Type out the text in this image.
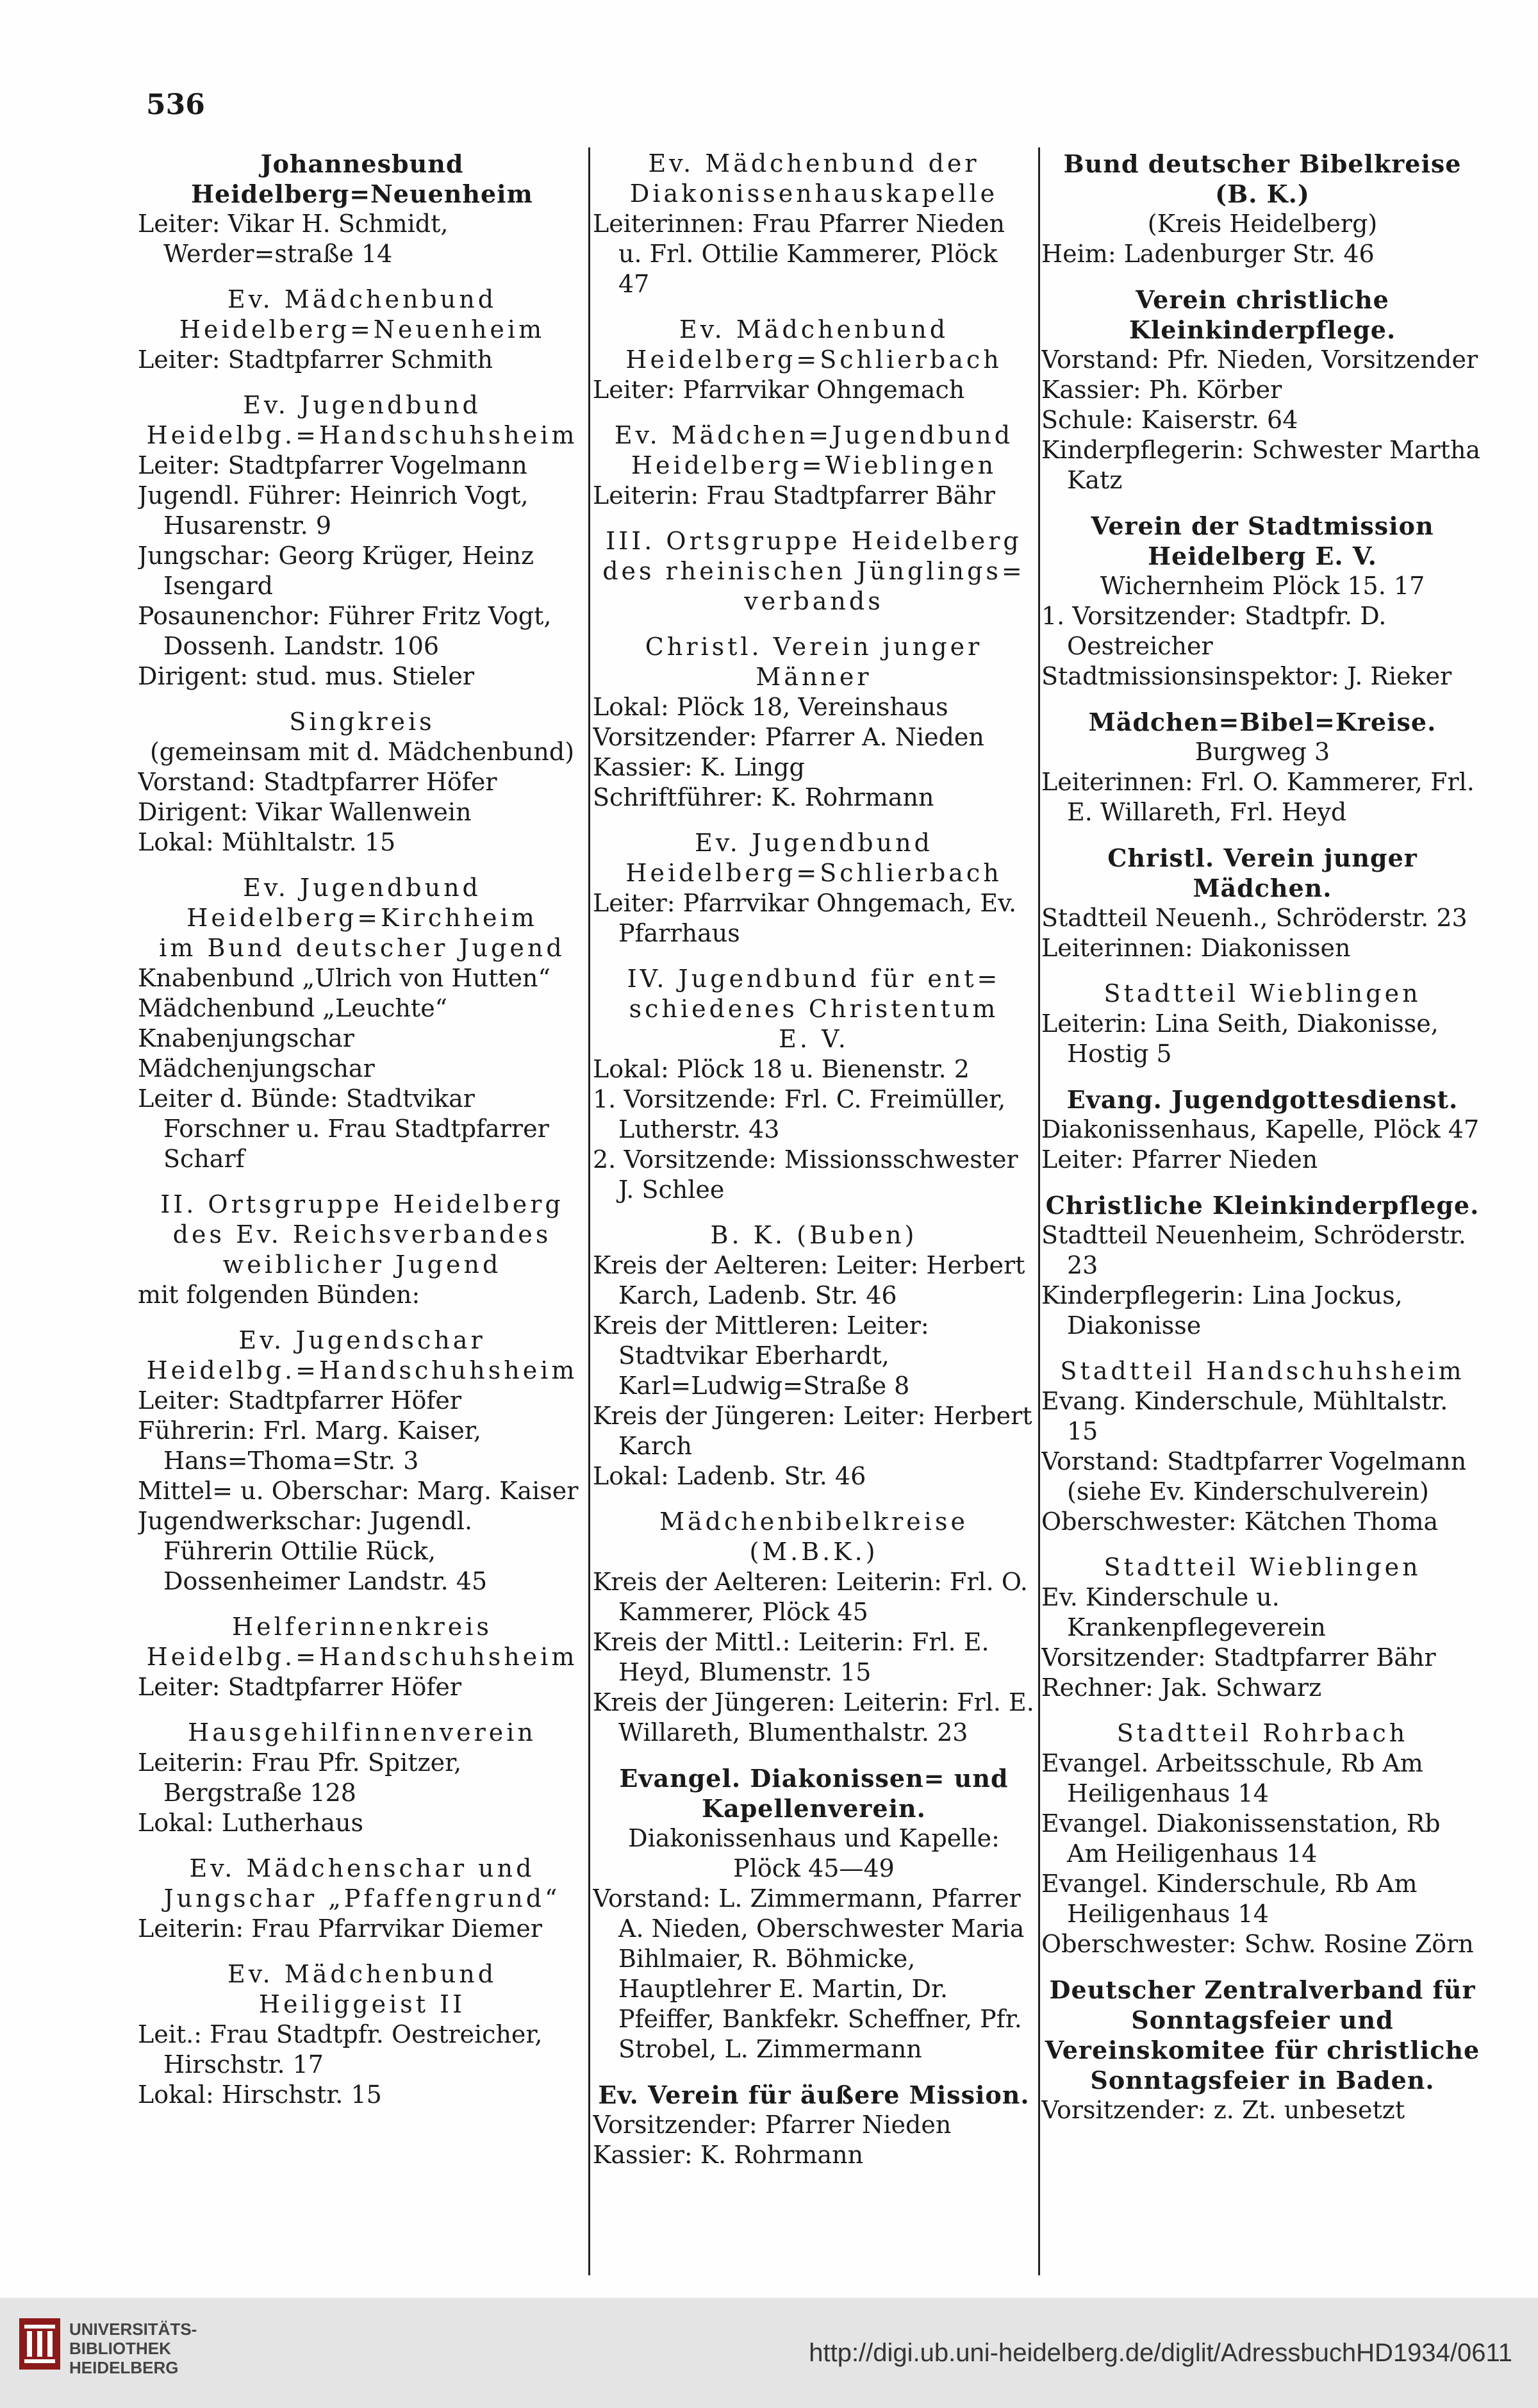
536
Johannesbund
Heidelberg=Neuenheim
Leiter: Vikar H. Schmidt, Werder=straße 14
Ev. Mädchenbund
Heidelberg=Neuenheim
Leiter: Stadtpfarrer Schmith
Ev. Jugendbund
Heidelbg.=Handschuhsheim
Leiter: Stadtpfarrer Vogelmann
Jugendl. Führer: Heinrich Vogt, Husarenstr. 9
Jungschar: Georg Krüger, Heinz Isengard
Posaunenchor: Führer Fritz Vogt, Dossenh. Landstr. 106
Dirigent: stud. mus. Stieler
Singkreis
(gemeinsam mit d. Mädchenbund)
Vorstand: Stadtpfarrer Höfer
Dirigent: Vikar Wallenwein
Lokal: Mühltalstr. 15
Ev. Jugendbund
Heidelberg=Kirchheim
im Bund deutscher Jugend
Knabenbund „Ulrich von Hutten“
Mädchenbund „Leuchte“
Knabenjungschar
Mädchenjungschar
Leiter d. Bünde: Stadtvikar Forschner u. Frau Stadtpfarrer Scharf
II. Ortsgruppe Heidelberg
des Ev. Reichsverbandes
weiblicher Jugend
mit folgenden Bünden:
Ev. Jugendschar
Heidelbg.=Handschuhsheim
Leiter: Stadtpfarrer Höfer
Führerin: Frl. Marg. Kaiser, Hans=Thoma=Str. 3
Mittel= u. Oberschar: Marg. Kaiser
Jugendwerkschar: Jugendl. Führerin Ottilie Rück, Dossenheimer Landstr. 45
Helferinnenkreis
Heidelbg.=Handschuhsheim
Leiter: Stadtpfarrer Höfer
Hausgehilfinnenverein
Leiterin: Frau Pfr. Spitzer, Bergstraße 128
Lokal: Lutherhaus
Ev. Mädchenschar und Jungschar „Pfaffengrund“
Leiterin: Frau Pfarrvikar Diemer
Ev. Mädchenbund Heiliggeist II
Leit.: Frau Stadtpfr. Oestreicher, Hirschstr. 17
Lokal: Hirschstr. 15
Ev. Mädchenbund der
Diakonissenhauskapelle
Leiterinnen: Frau Pfarrer Nieden u. Frl. Ottilie Kammerer, Plöck 47
Ev. Mädchenbund
Heidelberg=Schlierbach
Leiter: Pfarrvikar Ohngemach
Ev. Mädchen=Jugendbund
Heidelberg=Wieblingen
Leiterin: Frau Stadtpfarrer Bähr
III. Ortsgruppe Heidelberg
des rheinischen Jünglings=
verbands
Christl. Verein junger
Männer
Lokal: Plöck 18, Vereinshaus
Vorsitzender: Pfarrer A. Nieden
Kassier: K. Lingg
Schriftführer: K. Rohrmann
Ev. Jugendbund
Heidelberg=Schlierbach
Leiter: Pfarrvikar Ohngemach, Ev. Pfarrhaus
IV. Jugendbund für ent=
schiedenes Christentum
E. V.
Lokal: Plöck 18 u. Bienenstr. 2
1. Vorsitzende: Frl. C. Freimüller, Lutherstr. 43
2. Vorsitzende: Missionsschwester J. Schlee
B. K. (Buben)
Kreis der Aelteren: Leiter: Herbert Karch, Ladenb. Str. 46
Kreis der Mittleren: Leiter: Stadtvikar Eberhardt, Karl=Ludwig=Straße 8
Kreis der Jüngeren: Leiter: Herbert Karch
Lokal: Ladenb. Str. 46
Mädchenbibelkreise (M.B.K.)
Kreis der Aelteren: Leiterin: Frl. O. Kammerer, Plöck 45
Kreis der Mittl.: Leiterin: Frl. E. Heyd, Blumenstr. 15
Kreis der Jüngeren: Leiterin: Frl. E. Willareth, Blumenthalstr. 23
Evangel. Diakonissen= und Kapellenverein.
Diakonissenhaus und Kapelle: Plöck 45—49
Vorstand: L. Zimmermann, Pfarrer A. Nieden, Oberschwester Maria Bihlmaier, R. Böhmicke, Hauptlehrer E. Martin, Dr. Pfeiffer, Bankfekr. Scheffner, Pfr. Strobel, L. Zimmermann
Ev. Verein für äußere Mission.
Vorsitzender: Pfarrer Nieden
Kassier: K. Rohrmann
Bund deutscher Bibelkreise (B. K.)
(Kreis Heidelberg)
Heim: Ladenburger Str. 46
Verein christliche Kleinkinderpflege.
Vorstand: Pfr. Nieden, Vorsitzender
Kassier: Ph. Körber
Schule: Kaiserstr. 64
Kinderpflegerin: Schwester Martha Katz
Verein der Stadtmission Heidelberg E. V.
Wichernheim Plöck 15. 17
1. Vorsitzender: Stadtpfr. D. Oestreicher
Stadtmissionsinspektor: J. Rieker
Mädchen=Bibel=Kreise.
Burgweg 3
Leiterinnen: Frl. O. Kammerer, Frl. E. Willareth, Frl. Heyd
Christl. Verein junger Mädchen.
Stadtteil Neuenh., Schröderstr. 23
Leiterinnen: Diakonissen
Stadtteil Wieblingen
Leiterin: Lina Seith, Diakonisse, Hostig 5
Evang. Jugendgottesdienst.
Diakonissenhaus, Kapelle, Plöck 47
Leiter: Pfarrer Nieden
Christliche Kleinkinderpflege.
Stadtteil Neuenheim, Schröderstr. 23
Kinderpflegerin: Lina Jockus, Diakonisse
Stadtteil Handschuhsheim
Evang. Kinderschule, Mühltalstr. 15
Vorstand: Stadtpfarrer Vogelmann (siehe Ev. Kinderschulverein)
Oberschwester: Kätchen Thoma
Stadtteil Wieblingen
Ev. Kinderschule u. Krankenpflegeverein
Vorsitzender: Stadtpfarrer Bähr
Rechner: Jak. Schwarz
Stadtteil Rohrbach
Evangel. Arbeitsschule, Rb Am Heiligenhaus 14
Evangel. Diakonissenstation, Rb Am Heiligenhaus 14
Evangel. Kinderschule, Rb Am Heiligenhaus 14
Oberschwester: Schw. Rosine Zörn
Deutscher Zentralverband für Sonntagsfeier und Vereinskomitee für christliche Sonntagsfeier in Baden.
Vorsitzender: z. Zt. unbesetzt
UNIVERSITÄTS-
BIBLIOTHEK
HEIDELBERG
http://digi.ub.uni-heidelberg.de/diglit/AdressbuchHD1934/0611
